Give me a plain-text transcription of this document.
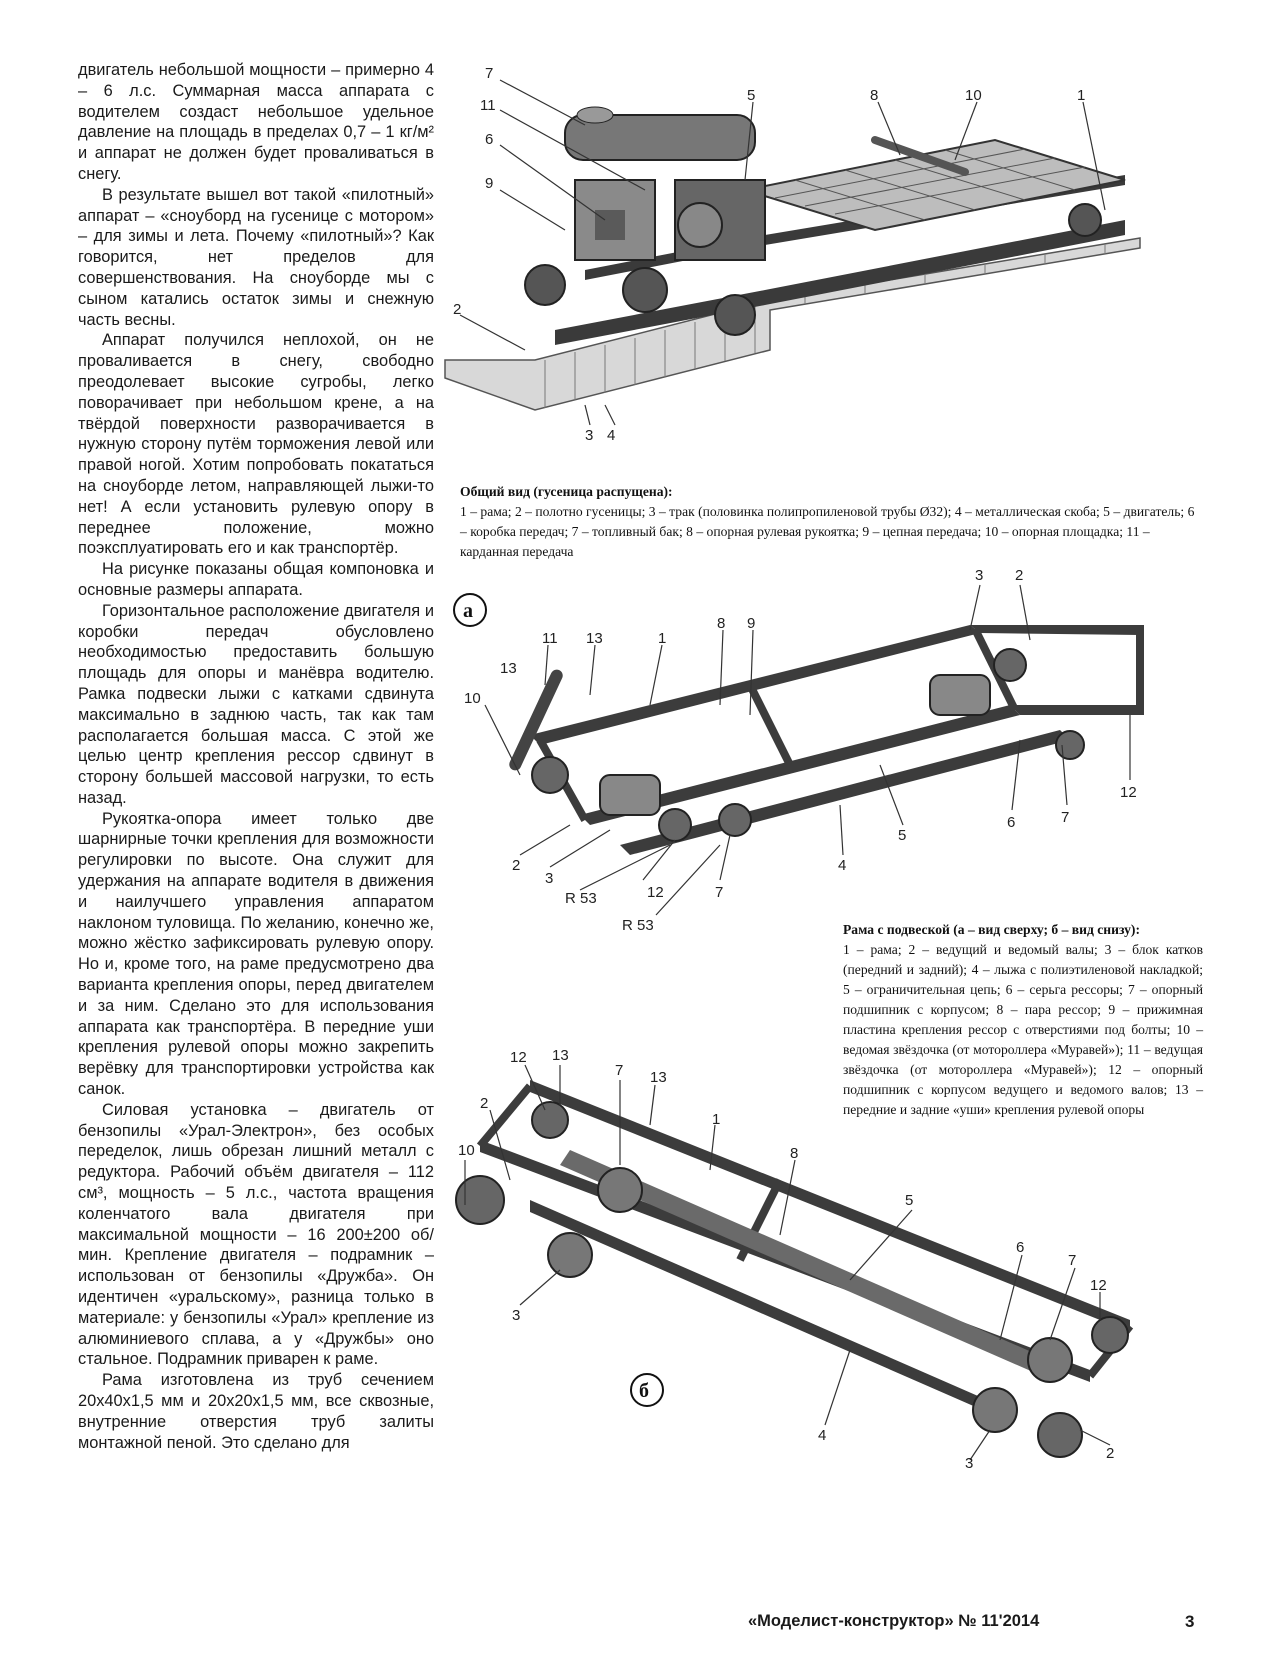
двигатель небольшой мощности – примерно 4 – 6 л.с. Суммарная масса аппарата с водителем создаст небольшое удельное давление на площадь в пределах 0,7 – 1 кг/м² и аппарат не должен будет проваливаться в снегу.

В результате вышел вот такой «пилотный» аппарат – «сноуборд на гусенице с мотором» – для зимы и лета. Почему «пилотный»? Как говорится, нет пределов для совершенствования. На сноуборде мы с сыном катались остаток зимы и снежную часть весны.

Аппарат получился неплохой, он не проваливается в снегу, свободно преодолевает высокие сугробы, легко поворачивает при небольшом крене, а на твёрдой поверхности разворачивается в нужную сторону путём торможения левой или правой ногой. Хотим попробовать покататься на сноуборде летом, направляющей лыжи-то нет! А если установить рулевую опору в переднее положение, можно поэксплуатировать его и как транспортёр.

На рисунке показаны общая компоновка и основные размеры аппарата.

Горизонтальное расположение двигателя и коробки передач обусловлено необходимостью предоставить большую площадь для опоры и манёвра водителю. Рамка подвески лыжи с катками сдвинута максимально в заднюю часть, так как там располагается большая масса. С этой же целью центр крепления рессор сдвинут в сторону большей массовой нагрузки, то есть назад.

Рукоятка-опора имеет только две шарнирные точки крепления для возможности регулировки по высоте. Она служит для удержания на аппарате водителя в движения и наилучшего управления аппаратом наклоном туловища. По желанию, конечно же, можно жёстко зафиксировать рулевую опору. Но и, кроме того, на раме предусмотрено два варианта крепления опоры, перед двигателем и за ним. Сделано это для использования аппарата как транспортёра. В передние уши крепления рулевой опоры можно закрепить верёвку для транспортировки устройства как санок.

Силовая установка – двигатель от бензопилы «Урал-Электрон», без особых переделок, лишь обрезан лишний металл с редуктора. Рабочий объём двигателя – 112 см³, мощность – 5 л.с., частота вращения коленчатого вала двигателя при максимальной мощности – 16 200±200 об/мин. Крепление двигателя – подрамник – использован от бензопилы «Дружба». Он идентичен «уральскому», разница только в материале: у бензопилы «Урал» крепление из алюминиевого сплава, а у «Дружбы» оно стальное. Подрамник приварен к раме.

Рама изготовлена из труб сечением 20х40х1,5 мм и 20х20х1,5 мм, все сквозные, внутренние отверстия труб залиты монтажной пеной. Это сделано для

7
11
6
9
5	8	10	1
2
3 4
Общий вид (гусеница распущена):
1 – рама; 2 – полотно гусеницы; 3 – трак (половинка полипропиленовой трубы Ø32); 4 – металлическая скоба; 5 – двигатель; 6 – коробка передач; 7 – топливный бак; 8 – опорная рулевая рукоятка; 9 – цепная передача; 10 – опорная площадка; 11 – карданная передача
а
3 2
11 13	1
8 9
13
10
12
6	7
5
4
2
3
12	7
R 53
R 53	Рама с подвеской (а – вид сверху; б – вид снизу):
1 – рама; 2 – ведущий и ведомый валы; 3 – блок катков (передний и задний); 4 – лыжа с полиэтиленовой накладкой; 5 – ограничительная цепь; 6 – серьга рессоры; 7 – опорный подшипник с корпусом; 8 – пара рессор; 9 – прижимная пластина крепления рессор с отверстиями под болты; 10 – ведомая звёздочка (от мотороллера «Муравей»); 11 – ведущая звёздочка (от мотороллера «Муравей»); 12 – опорный подшипник с корпусом ведущего и ведомого валов; 13 – передние и задние «уши» крепления рулевой опоры
б
12 13
7 13
2
1
10	8
5
6
7
12
3
4
3
2
«Моделист-конструктор» № 11'2014	3
